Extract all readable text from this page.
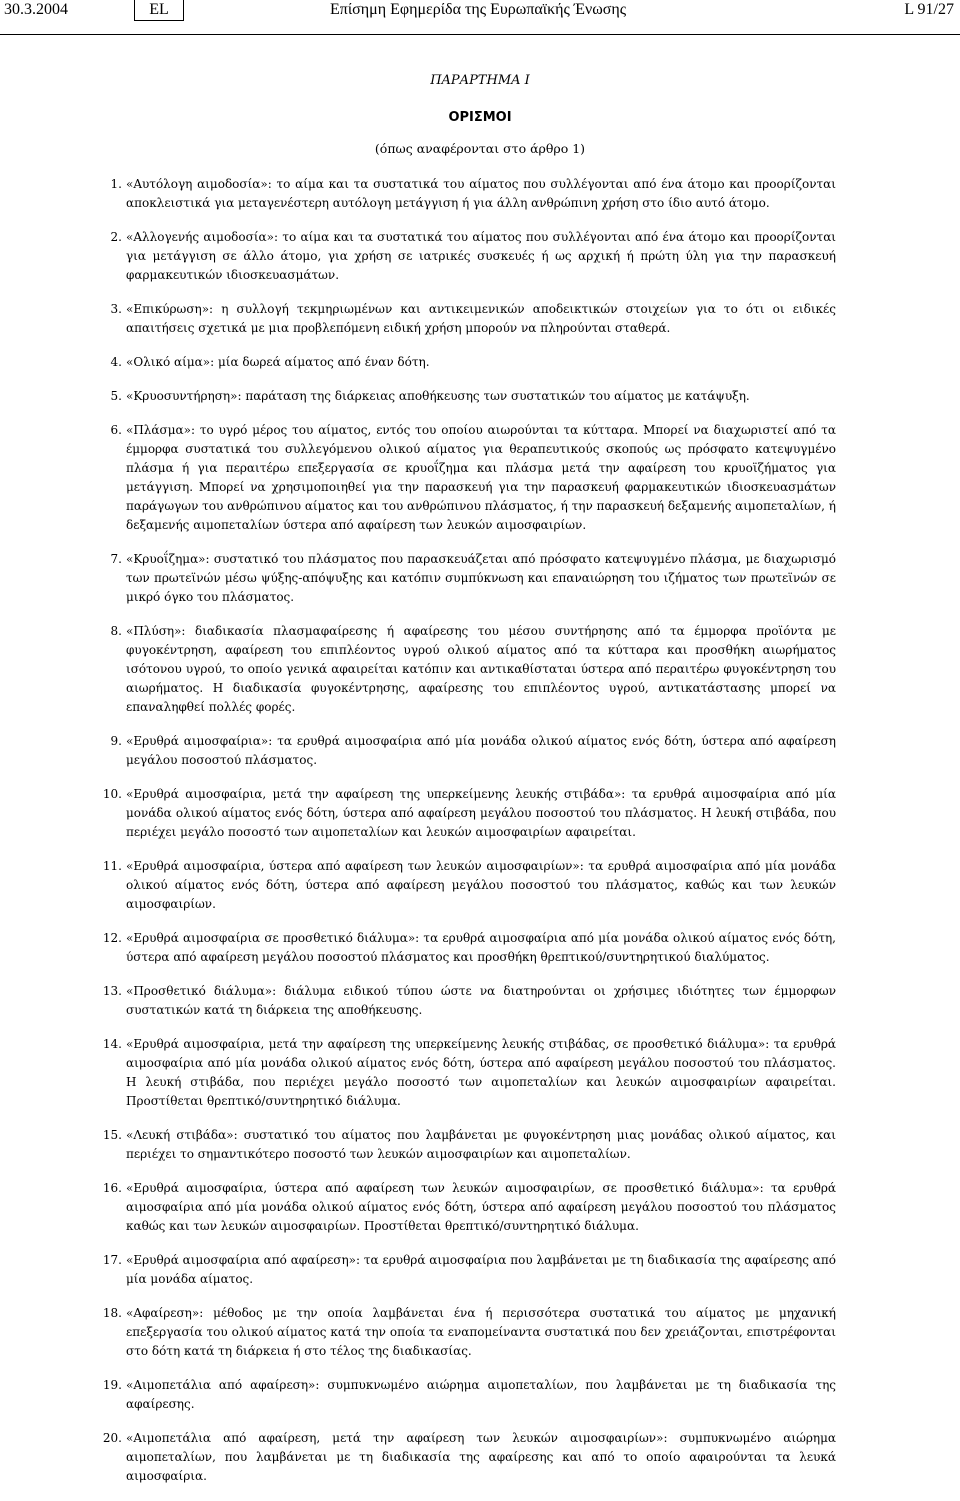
30.3.2004	EL	Επίσημη Εφημερίδα της Ευρωπαϊκής Ένωσης	L 91/27
ΠΑΡΑΡΤΗΜΑ I
ΟΡΙΣΜΟΙ
(όπως αναφέρονται στο άρθρο 1)
1. «Αυτόλογη αιμοδοσία»: το αίμα και τα συστατικά του αίματος που συλλέγονται από ένα άτομο και προορίζονται αποκλειστικά για μεταγενέστερη αυτόλογη μετάγγιση ή για άλλη ανθρώπινη χρήση στο ίδιο αυτό άτομο.
2. «Αλλογενής αιμοδοσία»: το αίμα και τα συστατικά του αίματος που συλλέγονται από ένα άτομο και προορίζονται για μετάγγιση σε άλλο άτομο, για χρήση σε ιατρικές συσκευές ή ως αρχική ή πρώτη ύλη για την παρασκευή φαρμακευτικών ιδιοσκευασμάτων.
3. «Επικύρωση»: η συλλογή τεκμηριωμένων και αντικειμενικών αποδεικτικών στοιχείων για το ότι οι ειδικές απαιτήσεις σχετικά με μια προβλεπόμενη ειδική χρήση μπορούν να πληρούνται σταθερά.
4. «Ολικό αίμα»: μία δωρεά αίματος από έναν δότη.
5. «Κρυοσυντήρηση»: παράταση της διάρκειας αποθήκευσης των συστατικών του αίματος με κατάψυξη.
6. «Πλάσμα»: το υγρό μέρος του αίματος, εντός του οποίου αιωρούνται τα κύτταρα. Μπορεί να διαχωριστεί από τα έμμορφα συστατικά του συλλεγόμενου ολικού αίματος για θεραπευτικούς σκοπούς ως πρόσφατο κατεψυγμένο πλάσμα ή για περαιτέρω επεξεργασία σε κρυοΐζημα και πλάσμα μετά την αφαίρεση του κρυοϊζήματος για μετάγγιση. Μπορεί να χρησιμοποιηθεί για την παρασκευή για την παρασκευή φαρμακευτικών ιδιοσκευασμάτων παράγωγων του ανθρώπινου αίματος και του ανθρώπινου πλάσματος, ή την παρασκευή δεξαμενής αιμοπεταλίων, ή δεξαμενής αιμοπεταλίων ύστερα από αφαίρεση των λευκών αιμοσφαιρίων.
7. «Κρυοΐζημα»: συστατικό του πλάσματος που παρασκευάζεται από πρόσφατο κατεψυγμένο πλάσμα, με διαχωρισμό των πρωτεϊνών μέσω ψύξης-απόψυξης και κατόπιν συμπύκνωση και επαναιώρηση του ιζήματος των πρωτεϊνών σε μικρό όγκο του πλάσματος.
8. «Πλύση»: διαδικασία πλασμαφαίρεσης ή αφαίρεσης του μέσου συντήρησης από τα έμμορφα προϊόντα με φυγοκέντρηση, αφαίρεση του επιπλέοντος υγρού ολικού αίματος από τα κύτταρα και προσθήκη αιωρήματος ισότονου υγρού, το οποίο γενικά αφαιρείται κατόπιν και αντικαθίσταται ύστερα από περαιτέρω φυγοκέντρηση του αιωρήματος. Η διαδικασία φυγοκέντρησης, αφαίρεσης του επιπλέοντος υγρού, αντικατάστασης μπορεί να επαναληφθεί πολλές φορές.
9. «Ερυθρά αιμοσφαίρια»: τα ερυθρά αιμοσφαίρια από μία μονάδα ολικού αίματος ενός δότη, ύστερα από αφαίρεση μεγάλου ποσοστού πλάσματος.
10. «Ερυθρά αιμοσφαίρια, μετά την αφαίρεση της υπερκείμενης λευκής στιβάδα»: τα ερυθρά αιμοσφαίρια από μία μονάδα ολικού αίματος ενός δότη, ύστερα από αφαίρεση μεγάλου ποσοστού του πλάσματος. Η λευκή στιβάδα, που περιέχει μεγάλο ποσοστό των αιμοπεταλίων και λευκών αιμοσφαιρίων αφαιρείται.
11. «Ερυθρά αιμοσφαίρια, ύστερα από αφαίρεση των λευκών αιμοσφαιρίων»: τα ερυθρά αιμοσφαίρια από μία μονάδα ολικού αίματος ενός δότη, ύστερα από αφαίρεση μεγάλου ποσοστού του πλάσματος, καθώς και των λευκών αιμοσφαιρίων.
12. «Ερυθρά αιμοσφαίρια σε προσθετικό διάλυμα»: τα ερυθρά αιμοσφαίρια από μία μονάδα ολικού αίματος ενός δότη, ύστερα από αφαίρεση μεγάλου ποσοστού πλάσματος και προσθήκη θρεπτικού/συντηρητικού διαλύματος.
13. «Προσθετικό διάλυμα»: διάλυμα ειδικού τύπου ώστε να διατηρούνται οι χρήσιμες ιδιότητες των έμμορφων συστατικών κατά τη διάρκεια της αποθήκευσης.
14. «Ερυθρά αιμοσφαίρια, μετά την αφαίρεση της υπερκείμενης λευκής στιβάδας, σε προσθετικό διάλυμα»: τα ερυθρά αιμοσφαίρια από μία μονάδα ολικού αίματος ενός δότη, ύστερα από αφαίρεση μεγάλου ποσοστού του πλάσματος. Η λευκή στιβάδα, που περιέχει μεγάλο ποσοστό των αιμοπεταλίων και λευκών αιμοσφαιρίων αφαιρείται. Προστίθεται θρεπτικό/συντηρητικό διάλυμα.
15. «Λευκή στιβάδα»: συστατικό του αίματος που λαμβάνεται με φυγοκέντρηση μιας μονάδας ολικού αίματος, και περιέχει το σημαντικότερο ποσοστό των λευκών αιμοσφαιρίων και αιμοπεταλίων.
16. «Ερυθρά αιμοσφαίρια, ύστερα από αφαίρεση των λευκών αιμοσφαιρίων, σε προσθετικό διάλυμα»: τα ερυθρά αιμοσφαίρια από μία μονάδα ολικού αίματος ενός δότη, ύστερα από αφαίρεση μεγάλου ποσοστού του πλάσματος καθώς και των λευκών αιμοσφαιρίων. Προστίθεται θρεπτικό/συντηρητικό διάλυμα.
17. «Ερυθρά αιμοσφαίρια από αφαίρεση»: τα ερυθρά αιμοσφαίρια που λαμβάνεται με τη διαδικασία της αφαίρεσης από μία μονάδα αίματος.
18. «Αφαίρεση»: μέθοδος με την οποία λαμβάνεται ένα ή περισσότερα συστατικά του αίματος με μηχανική επεξεργασία του ολικού αίματος κατά την οποία τα εναπομείναντα συστατικά που δεν χρειάζονται, επιστρέφονται στο δότη κατά τη διάρκεια ή στο τέλος της διαδικασίας.
19. «Αιμοπετάλια από αφαίρεση»: συμπυκνωμένο αιώρημα αιμοπεταλίων, που λαμβάνεται με τη διαδικασία της αφαίρεσης.
20. «Αιμοπετάλια από αφαίρεση, μετά την αφαίρεση των λευκών αιμοσφαιρίων»: συμπυκνωμένο αιώρημα αιμοπεταλίων, που λαμβάνεται με τη διαδικασία της αφαίρεσης και από το οποίο αφαιρούνται τα λευκά αιμοσφαίρια.
